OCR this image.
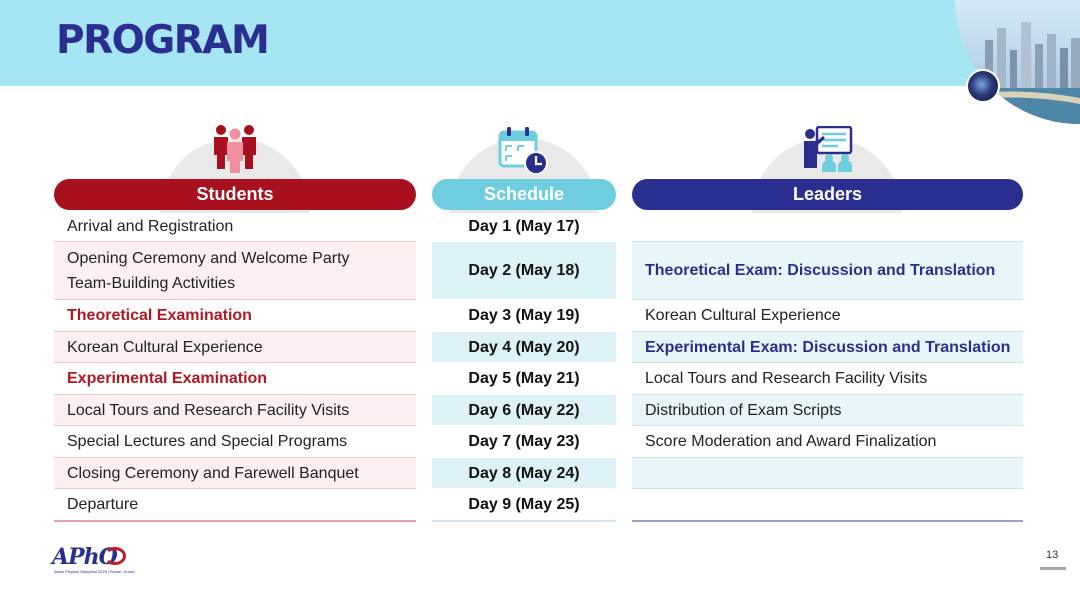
PROGRAM
Students	Schedule	Leaders
Arrival and Registration
Opening Ceremony and Welcome Party
Team-Building Activities
Theoretical Examination
Korean Cultural Experience
Experimental Examination
Local Tours and Research Facility Visits
Special Lectures and Special Programs
Closing Ceremony and Farewell Banquet
Departure
Day 1 (May 17)
Day 2 (May 18)
Day 3 (May 19)
Day 4 (May 20)
Day 5 (May 21)
Day 6 (May 22)
Day 7 (May 23)
Day 8 (May 24)
Day 9 (May 25)
Theoretical Exam: Discussion and Translation
Korean Cultural Experience
Experimental Exam: Discussion and Translation
Local Tours and Research Facility Visits
Distribution of Exam Scripts
Score Moderation and Award Finalization
APhO
Asian Physics Olympiad 2026 | Busan, Korea
13
